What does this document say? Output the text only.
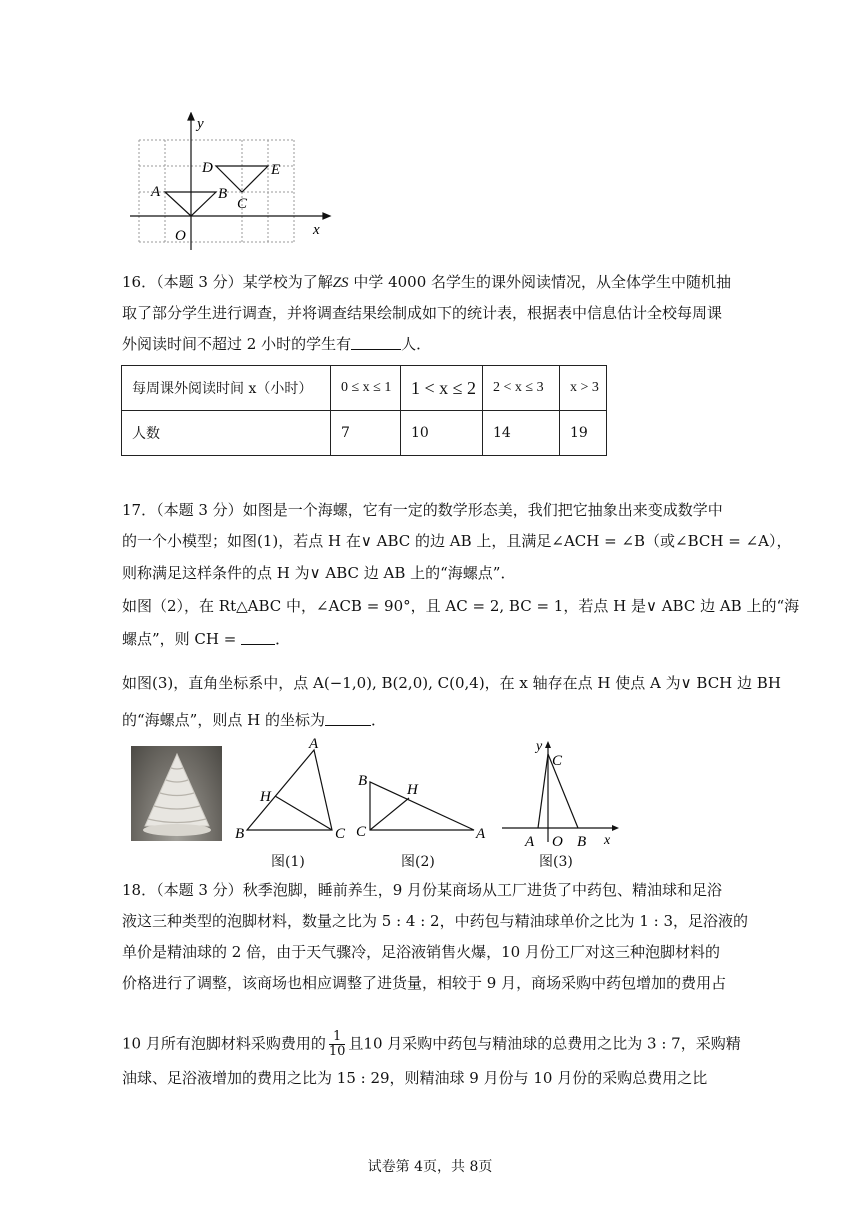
y
x
O
A	B
C
D	E
16．（本题 3 分）某学校为了解ZS 中学 4000 名学生的课外阅读情况，从全体学生中随机抽
取了部分学生进行调查，并将调查结果绘制成如下的统计表，根据表中信息估计全校每周课
外阅读时间不超过 2 小时的学生有	人．
每周课外阅读时间 x（小时）	0 ≤ x ≤ 1	1 < x ≤ 2	2 < x ≤ 3	x > 3
人数	7	10	14	19
17．（本题 3 分）如图是一个海螺，它有一定的数学形态美，我们把它抽象出来变成数学中
的一个小模型；如图(1)，若点 H 在∨ ABC 的边 AB 上，且满足∠ACH = ∠B（或∠BCH = ∠A），
则称满足这样条件的点 H 为∨ ABC 边 AB 上的“海螺点”．
如图（2），在 Rt△ABC 中，∠ACB = 90°，且 AC = 2, BC = 1，若点 H 是∨ ABC 边 AB 上的“海
螺点”，则 CH = ．
如图(3)，直角坐标系中，点 A(−1,0), B(2,0), C(0,4)，在 x 轴存在点 H 使点 A 为∨ BCH 边 BH
的“海螺点”，则点 H 的坐标为	．
A
B	C
H
B
C	A
H
y
C
A O B x
图(1)	图(2)	图(3)
18．（本题 3 分）秋季泡脚，睡前养生，9 月份某商场从工厂进货了中药包、精油球和足浴
液这三种类型的泡脚材料，数量之比为 5 : 4 : 2，中药包与精油球单价之比为 1 : 3，足浴液的
单价是精油球的 2 倍，由于天气骤冷，足浴液销售火爆，10 月份工厂对这三种泡脚材料的
价格进行了调整，该商场也相应调整了进货量，相较于 9 月，商场采购中药包增加的费用占
10 月所有泡脚材料采购费用的 $\frac{1}{10}$ 且10 月采购中药包与精油球的总费用之比为 3 : 7，采购精
油球、足浴液增加的费用之比为 15 : 29，则精油球 9 月份与 10 月份的采购总费用之比
试卷第 4页，共 8页
